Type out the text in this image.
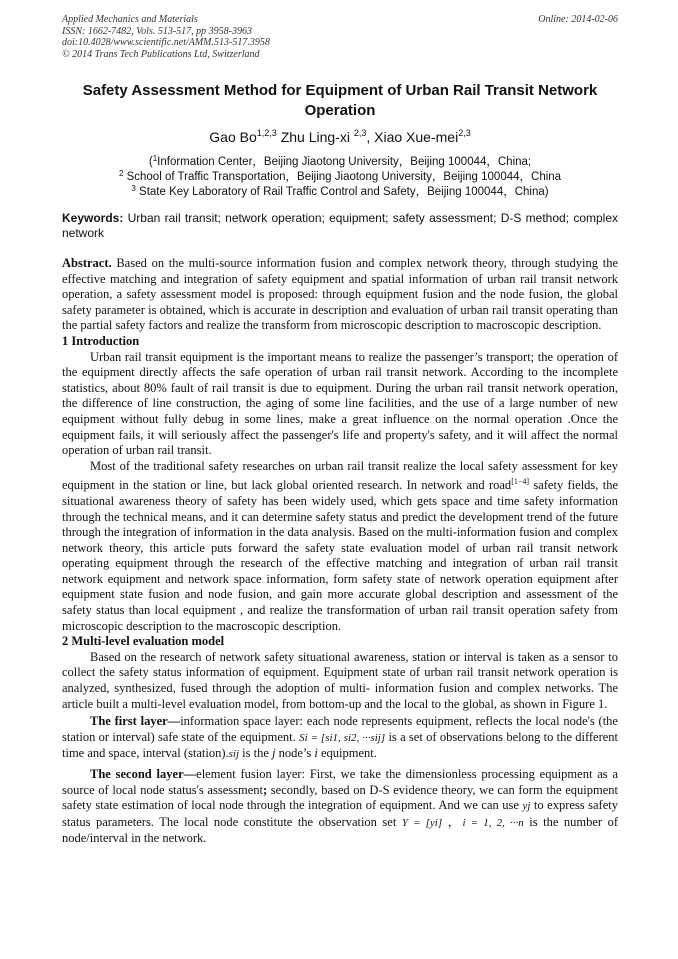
Applied Mechanics and Materials
ISSN: 1662-7482, Vols. 513-517, pp 3958-3963
doi:10.4028/www.scientific.net/AMM.513-517.3958
© 2014 Trans Tech Publications Ltd, Switzerland
Online: 2014-02-06
Safety Assessment Method for Equipment of Urban Rail Transit Network
Operation
Gao Bo$^{1,2,3}$ Zhu Ling-xi $^{2,3}$, Xiao Xue-mei$^{2,3}$
($^1$Information Center，Beijing Jiaotong University，Beijing 100044，China;
$^2$ School of Traffic Transportation，Beijing Jiaotong University，Beijing 100044，China
$^3$ State Key Laboratory of Rail Traffic Control and Safety，Beijing 100044，China)
Keywords: Urban rail transit; network operation; equipment; safety assessment; D-S method; complex network

Abstract. Based on the multi-source information fusion and complex network theory, through studying the effective matching and integration of safety equipment and spatial information of urban rail transit network operation, a safety assessment model is proposed: through equipment fusion and the node fusion, the global safety parameter is obtained, which is accurate in description and evaluation of urban rail transit operating than the partial safety factors and realize the transform from microscopic description to macroscopic description.

1 Introduction

Urban rail transit equipment is the important means to realize the passenger’s transport; the operation of the equipment directly affects the safe operation of urban rail transit network. According to the incomplete statistics, about 80% fault of rail transit is due to equipment. During the urban rail transit network operation, the difference of line construction, the aging of some line facilities, and the use of a large number of new equipment without fully debug in some lines, make a great influence on the normal operation .Once the equipment fails, it will seriously affect the passenger's life and property's safety, and it will affect the normal operation of urban rail transit.

Most of the traditional safety researches on urban rail transit realize the local safety assessment for key equipment in the station or line, but lack global oriented research. In network and road[1−4] safety fields, the situational awareness theory of safety has been widely used, which gets space and time safety information through the technical means, and it can determine safety status and predict the development trend of the future through the integration of information in the data analysis. Based on the multi-information fusion and complex network theory, this article puts forward the safety state evaluation model of urban rail transit network operating equipment through the research of the effective matching and integration of urban rail transit network equipment and network space information, form safety state of network operation equipment after equipment state fusion and node fusion, and gain more accurate global description and assessment of the safety status than local equipment , and realize the transformation of urban rail transit operation safety from microscopic description to the macroscopic description.

2 Multi-level evaluation model

Based on the research of network safety situational awareness, station or interval is taken as a sensor to collect the safety status information of equipment. Equipment state of urban rail transit network operation is analyzed, synthesized, fused through the adoption of multi- information fusion and complex networks. The article built a multi-level evaluation model, from bottom-up and the local to the global, as shown in Figure 1.

The first layer—information space layer: each node represents equipment, reflects the local node's (the station or interval) safe state of the equipment. Si = [si1, si2, ···sij] is a set of observations belong to the different time and space, interval (station).sij is the j node’s i equipment.

The second layer—element fusion layer: First, we take the dimensionless processing equipment as a source of local node status's assessment; secondly, based on D-S evidence theory, we can form the equipment safety state estimation of local node through the integration of equipment. And we can use yj to express safety status parameters. The local node constitute the observation set Y = [yi] ，i = 1, 2, ···n is the number of node/interval in the network.
